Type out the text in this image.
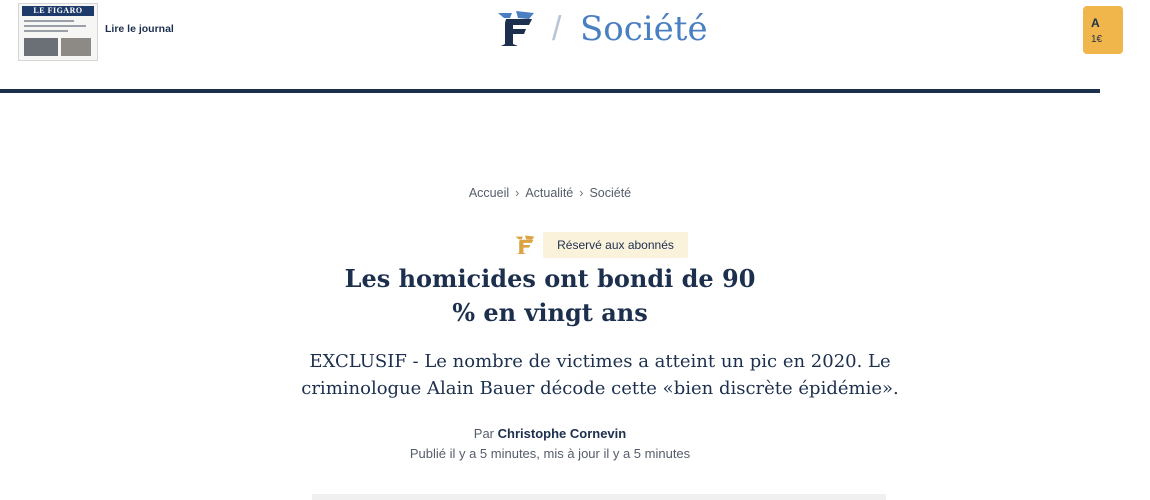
LE FIGARO
Lire le journal	/ Société	A
1€
Accueil › Actualité › Société
Réservé aux abonnés
Les homicides ont bondi de 90 % en vingt ans

EXCLUSIF - Le nombre de victimes a atteint un pic en 2020. Le criminologue Alain Bauer décode cette «bien discrète épidémie».

Par Christophe Cornevin
Publié il y a 5 minutes, mis à jour il y a 5 minutes
